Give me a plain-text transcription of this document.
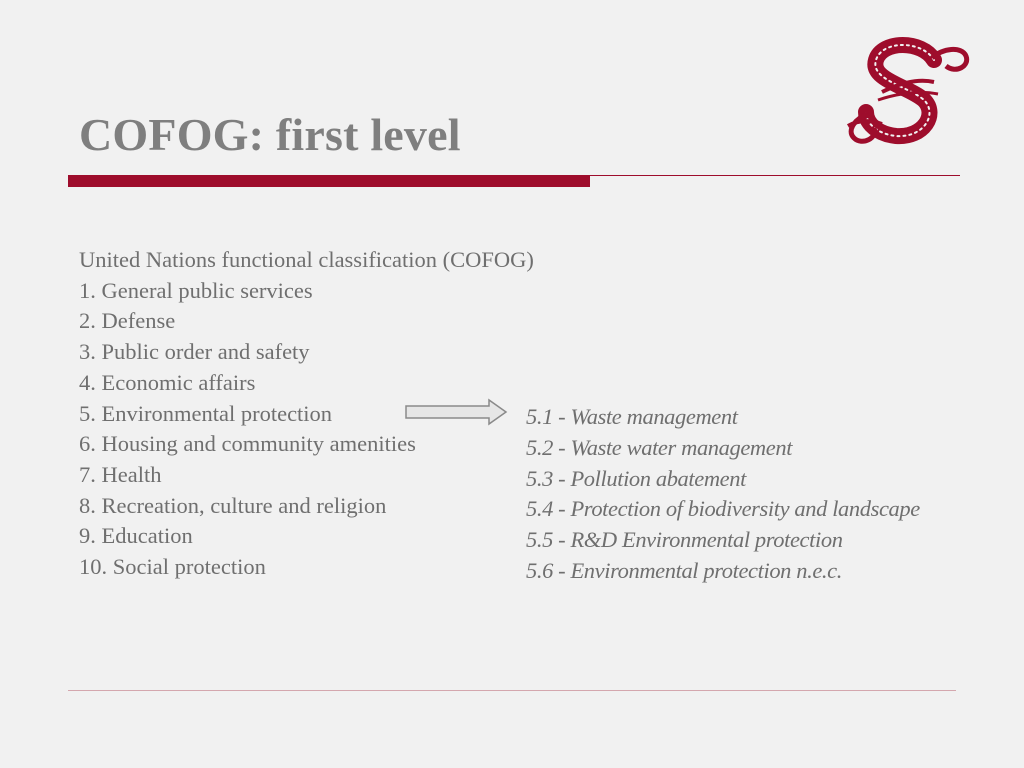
COFOG: first level
United Nations functional classification (COFOG)
1. General public services
2. Defense
3. Public order and safety
4. Economic affairs
5. Environmental protection
6. Housing and community amenities
7. Health
8. Recreation, culture and religion
9. Education
10. Social protection
5.1 - Waste management
5.2 - Waste water management
5.3 - Pollution abatement
5.4 - Protection of biodiversity and landscape
5.5 - R&D Environmental protection
5.6 - Environmental protection n.e.c.
